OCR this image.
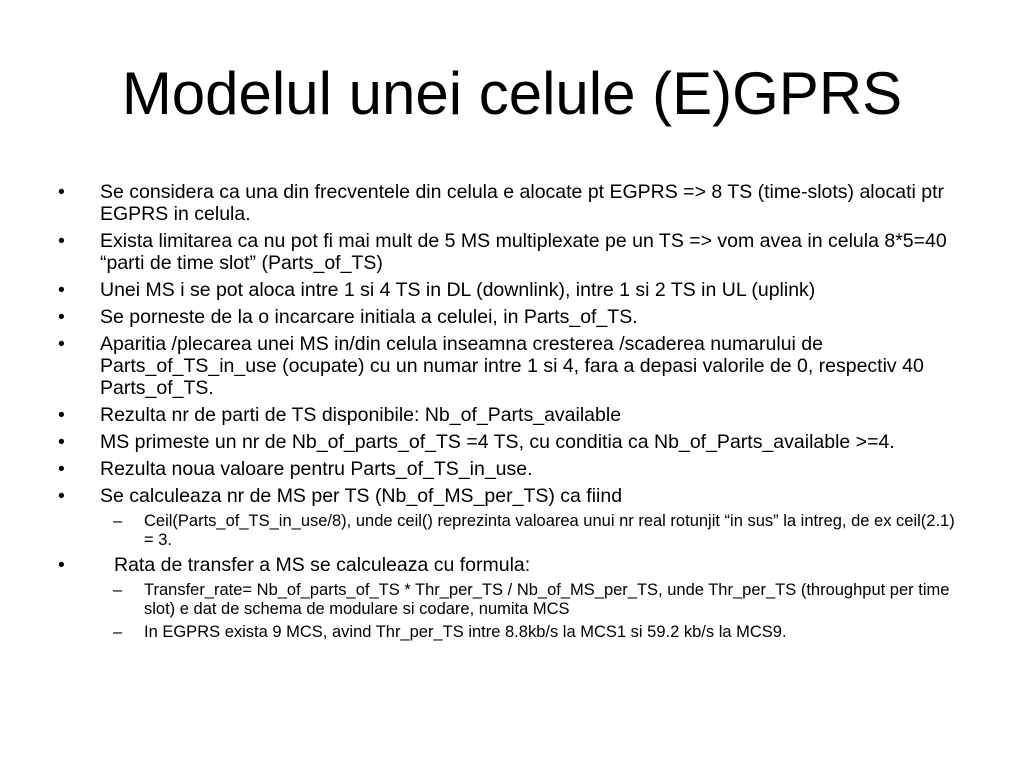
Modelul unei celule (E)GPRS
• Se considera ca una din frecventele din celula e alocate pt EGPRS => 8 TS (time-slots) alocati ptr EGPRS in celula.
• Exista limitarea ca nu pot fi mai mult de 5 MS multiplexate pe un TS => vom avea in celula 8*5=40 “parti de time slot” (Parts_of_TS)
• Unei MS i se pot aloca intre 1 si 4 TS in DL (downlink), intre 1 si 2 TS in UL (uplink)
• Se porneste de la o incarcare initiala a celulei, in Parts_of_TS.
• Aparitia /plecarea unei MS in/din celula inseamna cresterea /scaderea numarului de Parts_of_TS_in_use (ocupate) cu un numar intre 1 si 4, fara a depasi valorile de 0, respectiv 40 Parts_of_TS.
• Rezulta nr de parti de TS disponibile: Nb_of_Parts_available
• MS primeste un nr de Nb_of_parts_of_TS =4 TS, cu conditia ca Nb_of_Parts_available >=4.
• Rezulta noua valoare pentru Parts_of_TS_in_use.
• Se calculeaza nr de MS per TS (Nb_of_MS_per_TS) ca fiind
– Ceil(Parts_of_TS_in_use/8), unde ceil() reprezinta valoarea unui nr real rotunjit “in sus” la intreg, de ex ceil(2.1) = 3.
•	Rata de transfer a MS se calculeaza cu formula:
– Transfer_rate= Nb_of_parts_of_TS * Thr_per_TS / Nb_of_MS_per_TS, unde Thr_per_TS (throughput per time slot) e dat de schema de modulare si codare, numita MCS
– In EGPRS exista 9 MCS, avind Thr_per_TS intre 8.8kb/s la MCS1 si 59.2 kb/s la MCS9.
